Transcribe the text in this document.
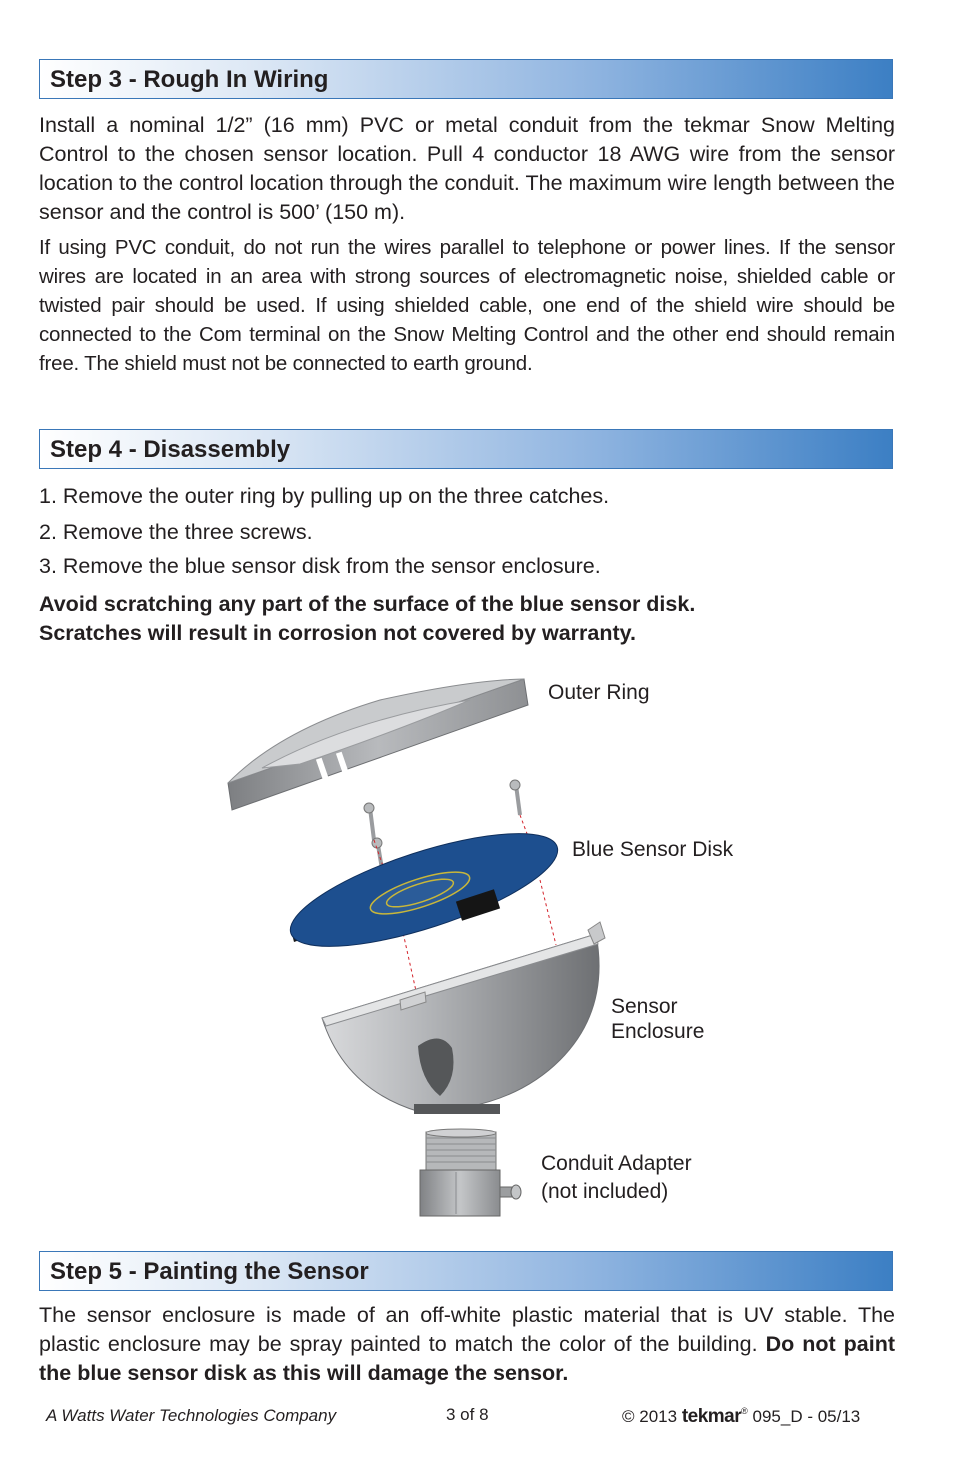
Step 3 - Rough In Wiring

Install a nominal 1/2” (16 mm) PVC or metal conduit from the tekmar Snow Melting Control to the chosen sensor location. Pull 4 conductor 18 AWG wire from the sensor location to the control location through the conduit. The maximum wire length between the sensor and the control is 500’ (150 m).

If using PVC conduit, do not run the wires parallel to telephone or power lines. If the sensor wires are located in an area with strong sources of electromagnetic noise, shielded cable or twisted pair should be used. If using shielded cable, one end of the shield wire should be connected to the Com terminal on the Snow Melting Control and the other end should remain free. The shield must not be connected to earth ground.

Step 4 - Disassembly

1. Remove the outer ring by pulling up on the three catches.

2. Remove the three screws.

3. Remove the blue sensor disk from the sensor enclosure.

Avoid scratching any part of the surface of the blue sensor disk.

Scratches will result in corrosion not covered by warranty.

Outer Ring
Blue Sensor Disk
Sensor
Enclosure
Conduit Adapter
(not included)
Step 5 - Painting the Sensor

The sensor enclosure is made of an off-white plastic material that is UV stable. The plastic enclosure may be spray painted to match the color of the building. Do not paint the blue sensor disk as this will damage the sensor.

A Watts Water Technologies Company	3 of 8	© 2013 tekmar® 095_D - 05/13
